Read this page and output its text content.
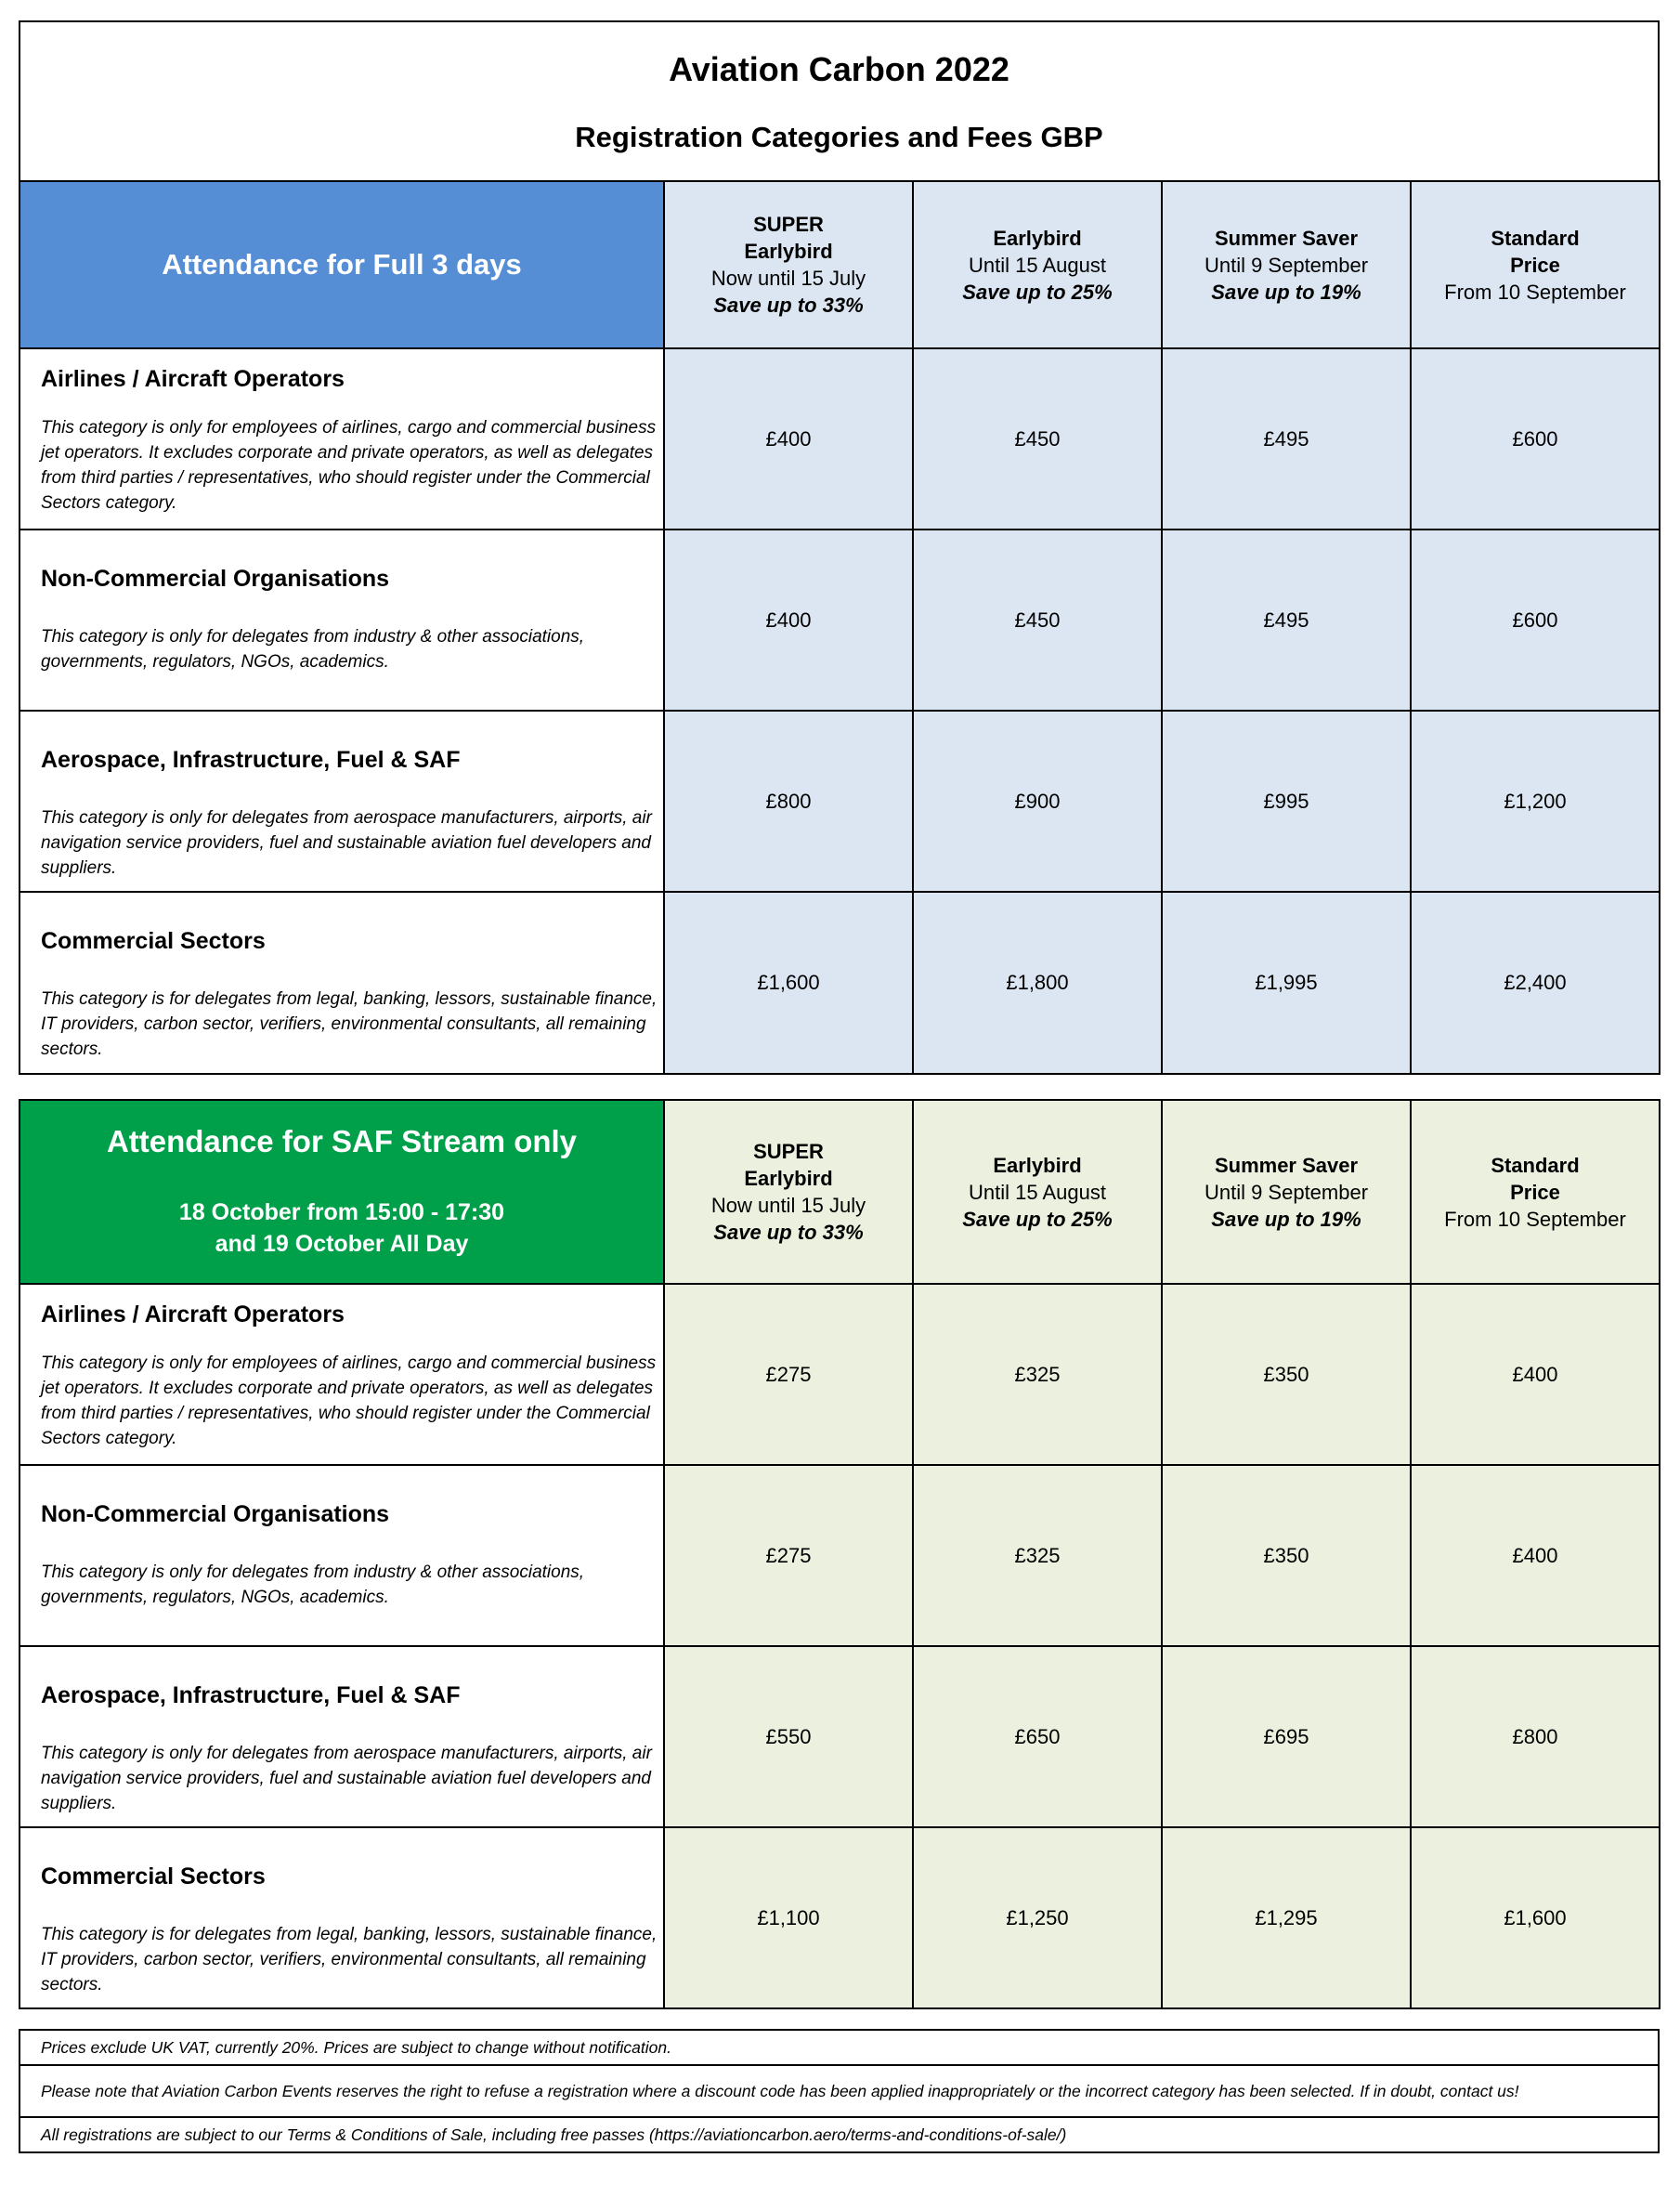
Aviation Carbon 2022
Registration Categories and Fees GBP
Attendance for Full 3 days	SUPER
Earlybird
Now until 15 July
Save up to 33%	Earlybird
Until 15 August
Save up to 25%	Summer Saver
Until 9 September
Save up to 19%	Standard
Price
From 10 September

Airlines / Aircraft Operators
This category is only for employees of airlines, cargo and commercial business jet operators. It excludes corporate and private operators, as well as delegates from third parties / representatives, who should register under the Commercial Sectors category.	£400	£450	£495	£600

Non-Commercial Organisations
This category is only for delegates from industry & other associations, governments, regulators, NGOs, academics.	£400	£450	£495	£600

Aerospace, Infrastructure, Fuel & SAF
This category is only for delegates from aerospace manufacturers, airports, air navigation service providers, fuel and sustainable aviation fuel developers and suppliers.	£800	£900	£995	£1,200

Commercial Sectors
This category is for delegates from legal, banking, lessors, sustainable finance, IT providers, carbon sector, verifiers, environmental consultants, all remaining sectors.	£1,600	£1,800	£1,995	£2,400
Attendance for SAF Stream only
18 October from 15:00 - 17:30
and 19 October All Day	SUPER
Earlybird
Now until 15 July
Save up to 33%	Earlybird
Until 15 August
Save up to 25%	Summer Saver
Until 9 September
Save up to 19%	Standard
Price
From 10 September

Airlines / Aircraft Operators
This category is only for employees of airlines, cargo and commercial business jet operators. It excludes corporate and private operators, as well as delegates from third parties / representatives, who should register under the Commercial Sectors category.	£275	£325	£350	£400

Non-Commercial Organisations
This category is only for delegates from industry & other associations, governments, regulators, NGOs, academics.	£275	£325	£350	£400

Aerospace, Infrastructure, Fuel & SAF
This category is only for delegates from aerospace manufacturers, airports, air navigation service providers, fuel and sustainable aviation fuel developers and suppliers.	£550	£650	£695	£800

Commercial Sectors
This category is for delegates from legal, banking, lessors, sustainable finance, IT providers, carbon sector, verifiers, environmental consultants, all remaining sectors.	£1,100	£1,250	£1,295	£1,600
Prices exclude UK VAT, currently 20%. Prices are subject to change without notification.
Please note that Aviation Carbon Events reserves the right to refuse a registration where a discount code has been applied inappropriately or the incorrect category has been selected. If in doubt, contact us!
All registrations are subject to our Terms & Conditions of Sale, including free passes (https://aviationcarbon.aero/terms-and-conditions-of-sale/)
